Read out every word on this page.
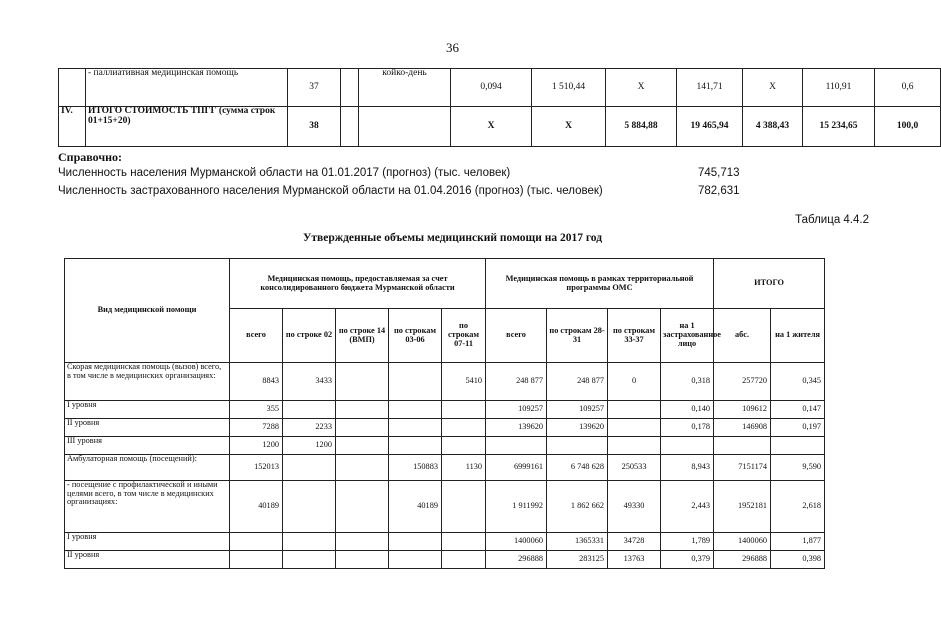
36
	- паллиативная медицинская помощь	37		койко-день	0,094	1 510,44	X	141,71	X	110,91	0,6
IV.	ИТОГО СТОИМОСТЬ ТПГГ (сумма строк 01+15+20)	38			X	X	5 884,88	19 465,94	4 388,43	15 234,65	100,0
Справочно:
Численность населения Мурманской области на 01.01.2017 (прогноз) (тыс. человек)	745,713
Численность застрахованного населения Мурманской области на 01.04.2016 (прогноз) (тыс. человек)	782,631
Таблица 4.4.2
Утвержденные объемы медицинский помощи на 2017 год
Вид медицинской помощи	Медицинская помощь, предоставляемая за счет консолидированного бюджета Мурманской области					Медицинская помощь в рамках территориальной программы ОМС				ИТОГО	
	всего	по строке 02	по строке 14 (ВМП)	по строкам 03-06	по строкам 07-11	всего	по строкам 28-31	по строкам 33-37	на 1 застрахованное лицо	абс.	на 1 жителя
Скорая медицинская помощь (вызов) всего, в том числе в медицинских организациях:	8843	3433			5410	248 877	248 877	0	0,318	257720	0,345
I уровня	355					109257	109257		0,140	109612	0,147
II уровня	7288	2233				139620	139620		0,178	146908	0,197
III уровня	1200	1200									
Амбулаторная помощь (посещений):	152013			150883	1130	6999161	6 748 628	250533	8,943	7151174	9,590
- посещение с профилактической и иными целями всего, в том числе в медицинских организациях:	40189			40189		1 911992	1 862 662	49330	2,443	1952181	2,618
I уровня						1400060	1365331	34728	1,789	1400060	1,877
II уровня						296888	283125	13763	0,379	296888	0,398
